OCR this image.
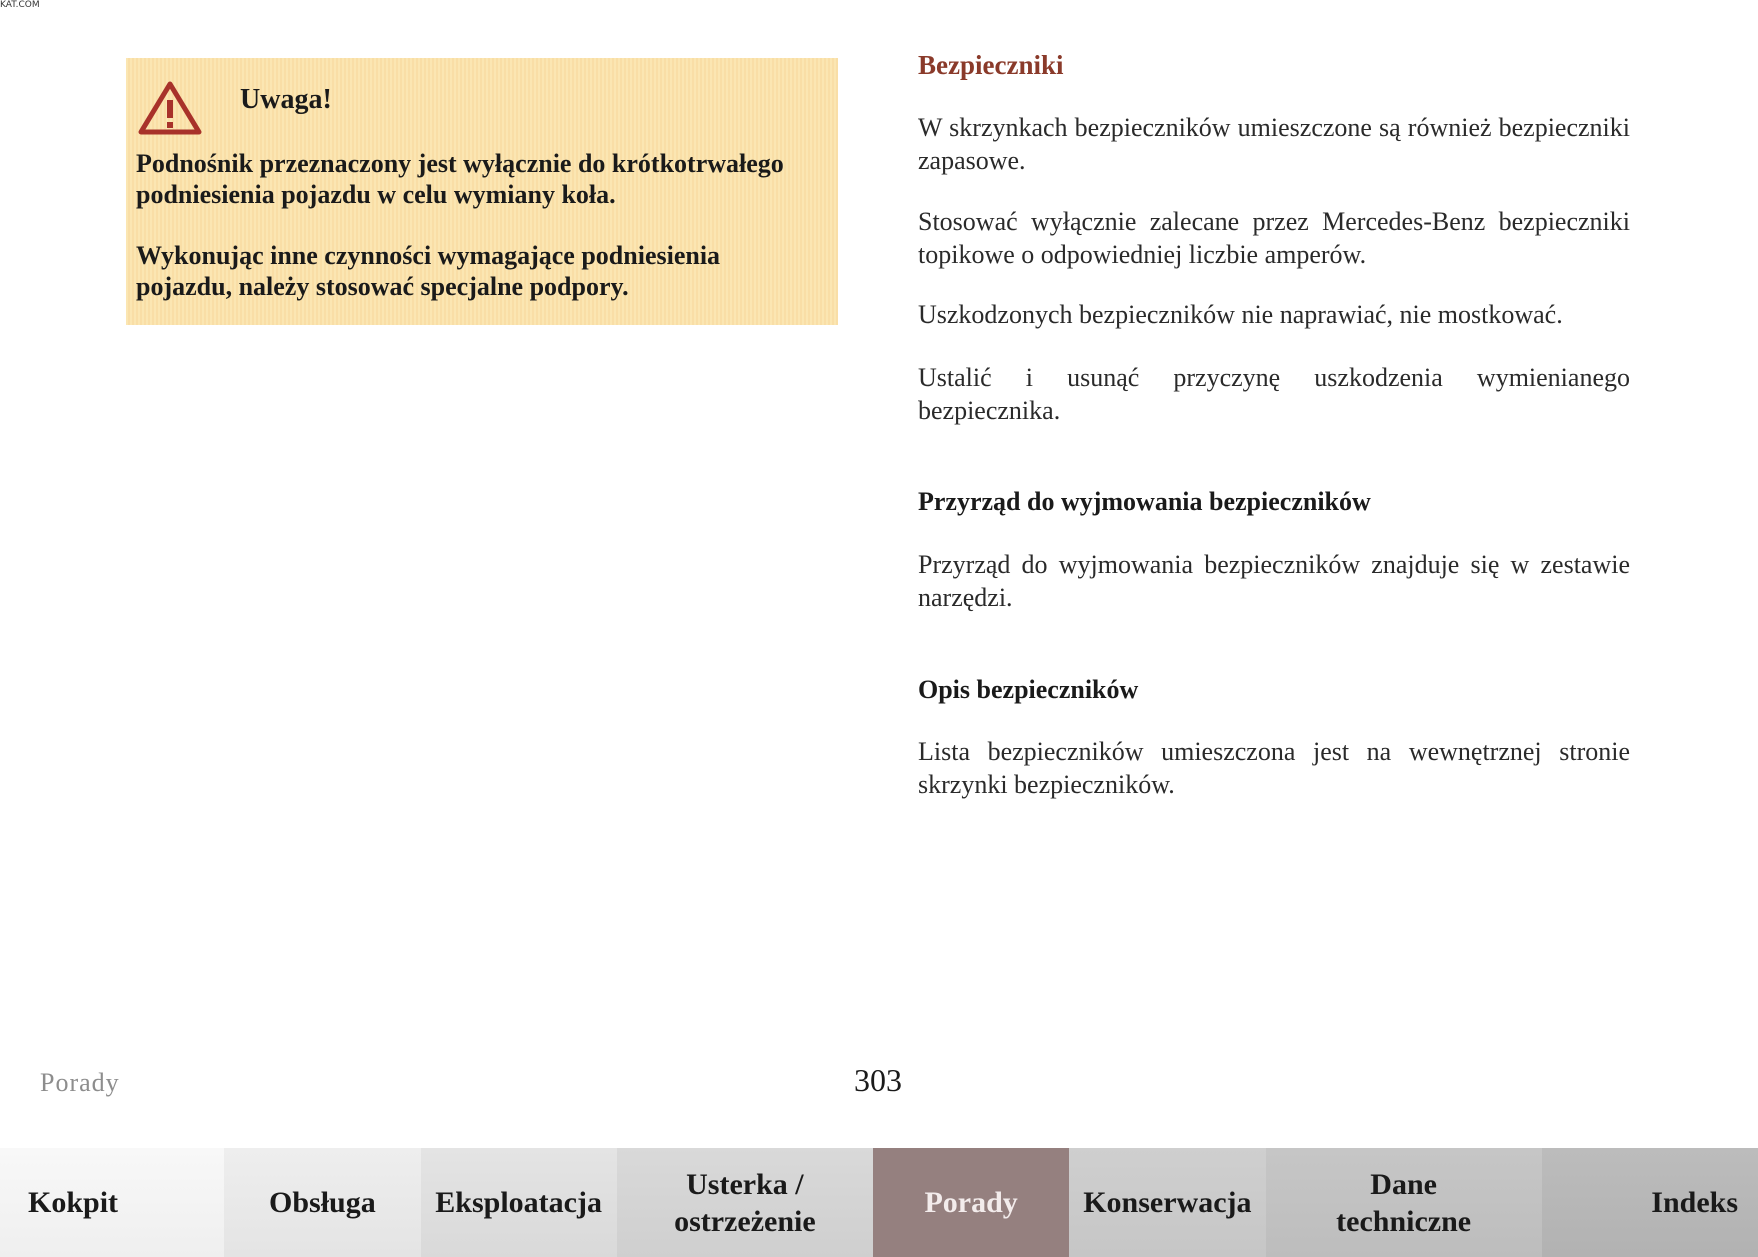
KAT.COM
Uwaga!

Podnośnik przeznaczony jest wyłącznie do krótkotrwałego podniesienia pojazdu w celu wymiany koła.

Wykonując inne czynności wymagające podniesienia pojazdu, należy stosować specjalne podpory.

Bezpieczniki

W skrzynkach bezpieczników umieszczone są również bezpieczniki zapasowe.

Stosować wyłącznie zalecane przez Mercedes-Benz bezpieczniki topikowe o odpowiedniej liczbie amperów.

Uszkodzonych bezpieczników nie naprawiać, nie mostkować.

Ustalić i usunąć przyczynę uszkodzenia wymienianego bezpiecznika.

Przyrząd do wyjmowania bezpieczników

Przyrząd do wyjmowania bezpieczników znajduje się w zestawie narzędzi.

Opis bezpieczników

Lista bezpieczników umieszczona jest na wewnętrznej stronie skrzynki bezpieczników.

Porady	303
Kokpit	Obsługa	Eksploatacja
Usterka / ostrzeżenie
Porady	Konserwacja
Dane techniczne
Indeks
